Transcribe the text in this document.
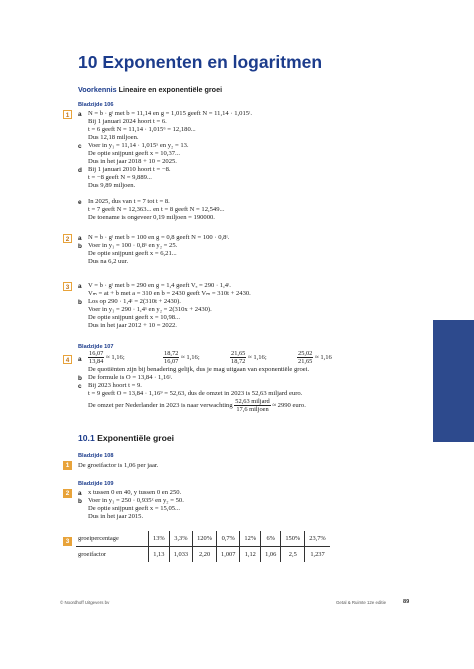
10 Exponenten en logaritmen
Voorkennis Lineaire en exponentiële groei
Bladzijde 106
1	a N = b · gᵗ met b = 11,14 en g = 1,015 geeft N = 11,14 · 1,015ᵗ.
Bij 1 januari 2024 hoort t = 6.
t = 6 geeft N = 11,14 · 1,015⁶ = 12,180...
Dus 12,18 miljoen.
c Voer in y₁ = 11,14 · 1,015ˣ en y₂ = 13.
De optie snijpunt geeft x = 10,37...
Dus in het jaar 2018 + 10 = 2025.
d Bij 1 januari 2010 hoort t = −8.
t = −8 geeft N = 9,889...
Dus 9,89 miljoen.
e In 2025, dus van t = 7 tot t = 8.
t = 7 geeft N = 12,363... en t = 8 geeft N = 12,549...
De toename is ongeveer 0,19 miljoen = 190000.
2	a N = b · gᵗ met b = 100 en g = 0,8 geeft N = 100 · 0,8ᵗ.
b Voer in y₁ = 100 · 0,8ˣ en y₂ = 25.
De optie snijpunt geeft x = 6,21...
Dus na 6,2 uur.
3	a V = b · gᵗ met b = 290 en g = 1,4 geeft Vₐ = 290 · 1,4ᵗ.
Vₘ = at + b met a = 310 en b = 2430 geeft Vₘ = 310t + 2430.
b Los op 290 · 1,4ᵗ = 2(310t + 2430).
Voer in y₁ = 290 · 1,4ˣ en y₂ = 2(310x + 2430).
De optie snijpunt geeft x = 10,98...
Dus in het jaar 2012 + 10 = 2022.
Bladzijde 107
4	a $\frac{16,07}{13,84} \approx 1,16$;	$\frac{18,72}{16,07} \approx 1,16$;	$\frac{21,65}{18,72} \approx 1,16$;	$\frac{25,02}{21,65} \approx 1,16$
De quotiënten zijn bij benadering gelijk, dus je mag uitgaan van exponentiële groei.
b De formule is O = 13,84 · 1,16ᵗ.
c Bij 2023 hoort t = 9.
t = 9 geeft O = 13,84 · 1,16⁹ = 52,63, dus de omzet in 2023 is 52,63 miljard euro.
De omzet per Nederlander in 2023 is naar verwachting $\frac{\text{52,63 miljard}}{\text{17,6 miljoen}} \approx 2990$ euro.
10.1 Exponentiële groei
Bladzijde 108
1	De groeifactor is 1,06 per jaar.
Bladzijde 109
2	a x tussen 0 en 40, y tussen 0 en 250.
b Voer in y₁ = 250 · 0,935ˣ en y₂ = 50.
De optie snijpunt geeft x = 15,05...
Dus in het jaar 2015.
3	groeipercentage	13%	3,3%	120%	0,7%	12%	6%	150%	23,7%
groeifactor	1,13	1,033	2,20	1,007	1,12	1,06	2,5	1,237
© Noordhoff Uitgevers bv	Getal & Ruimte 12e editie	89
